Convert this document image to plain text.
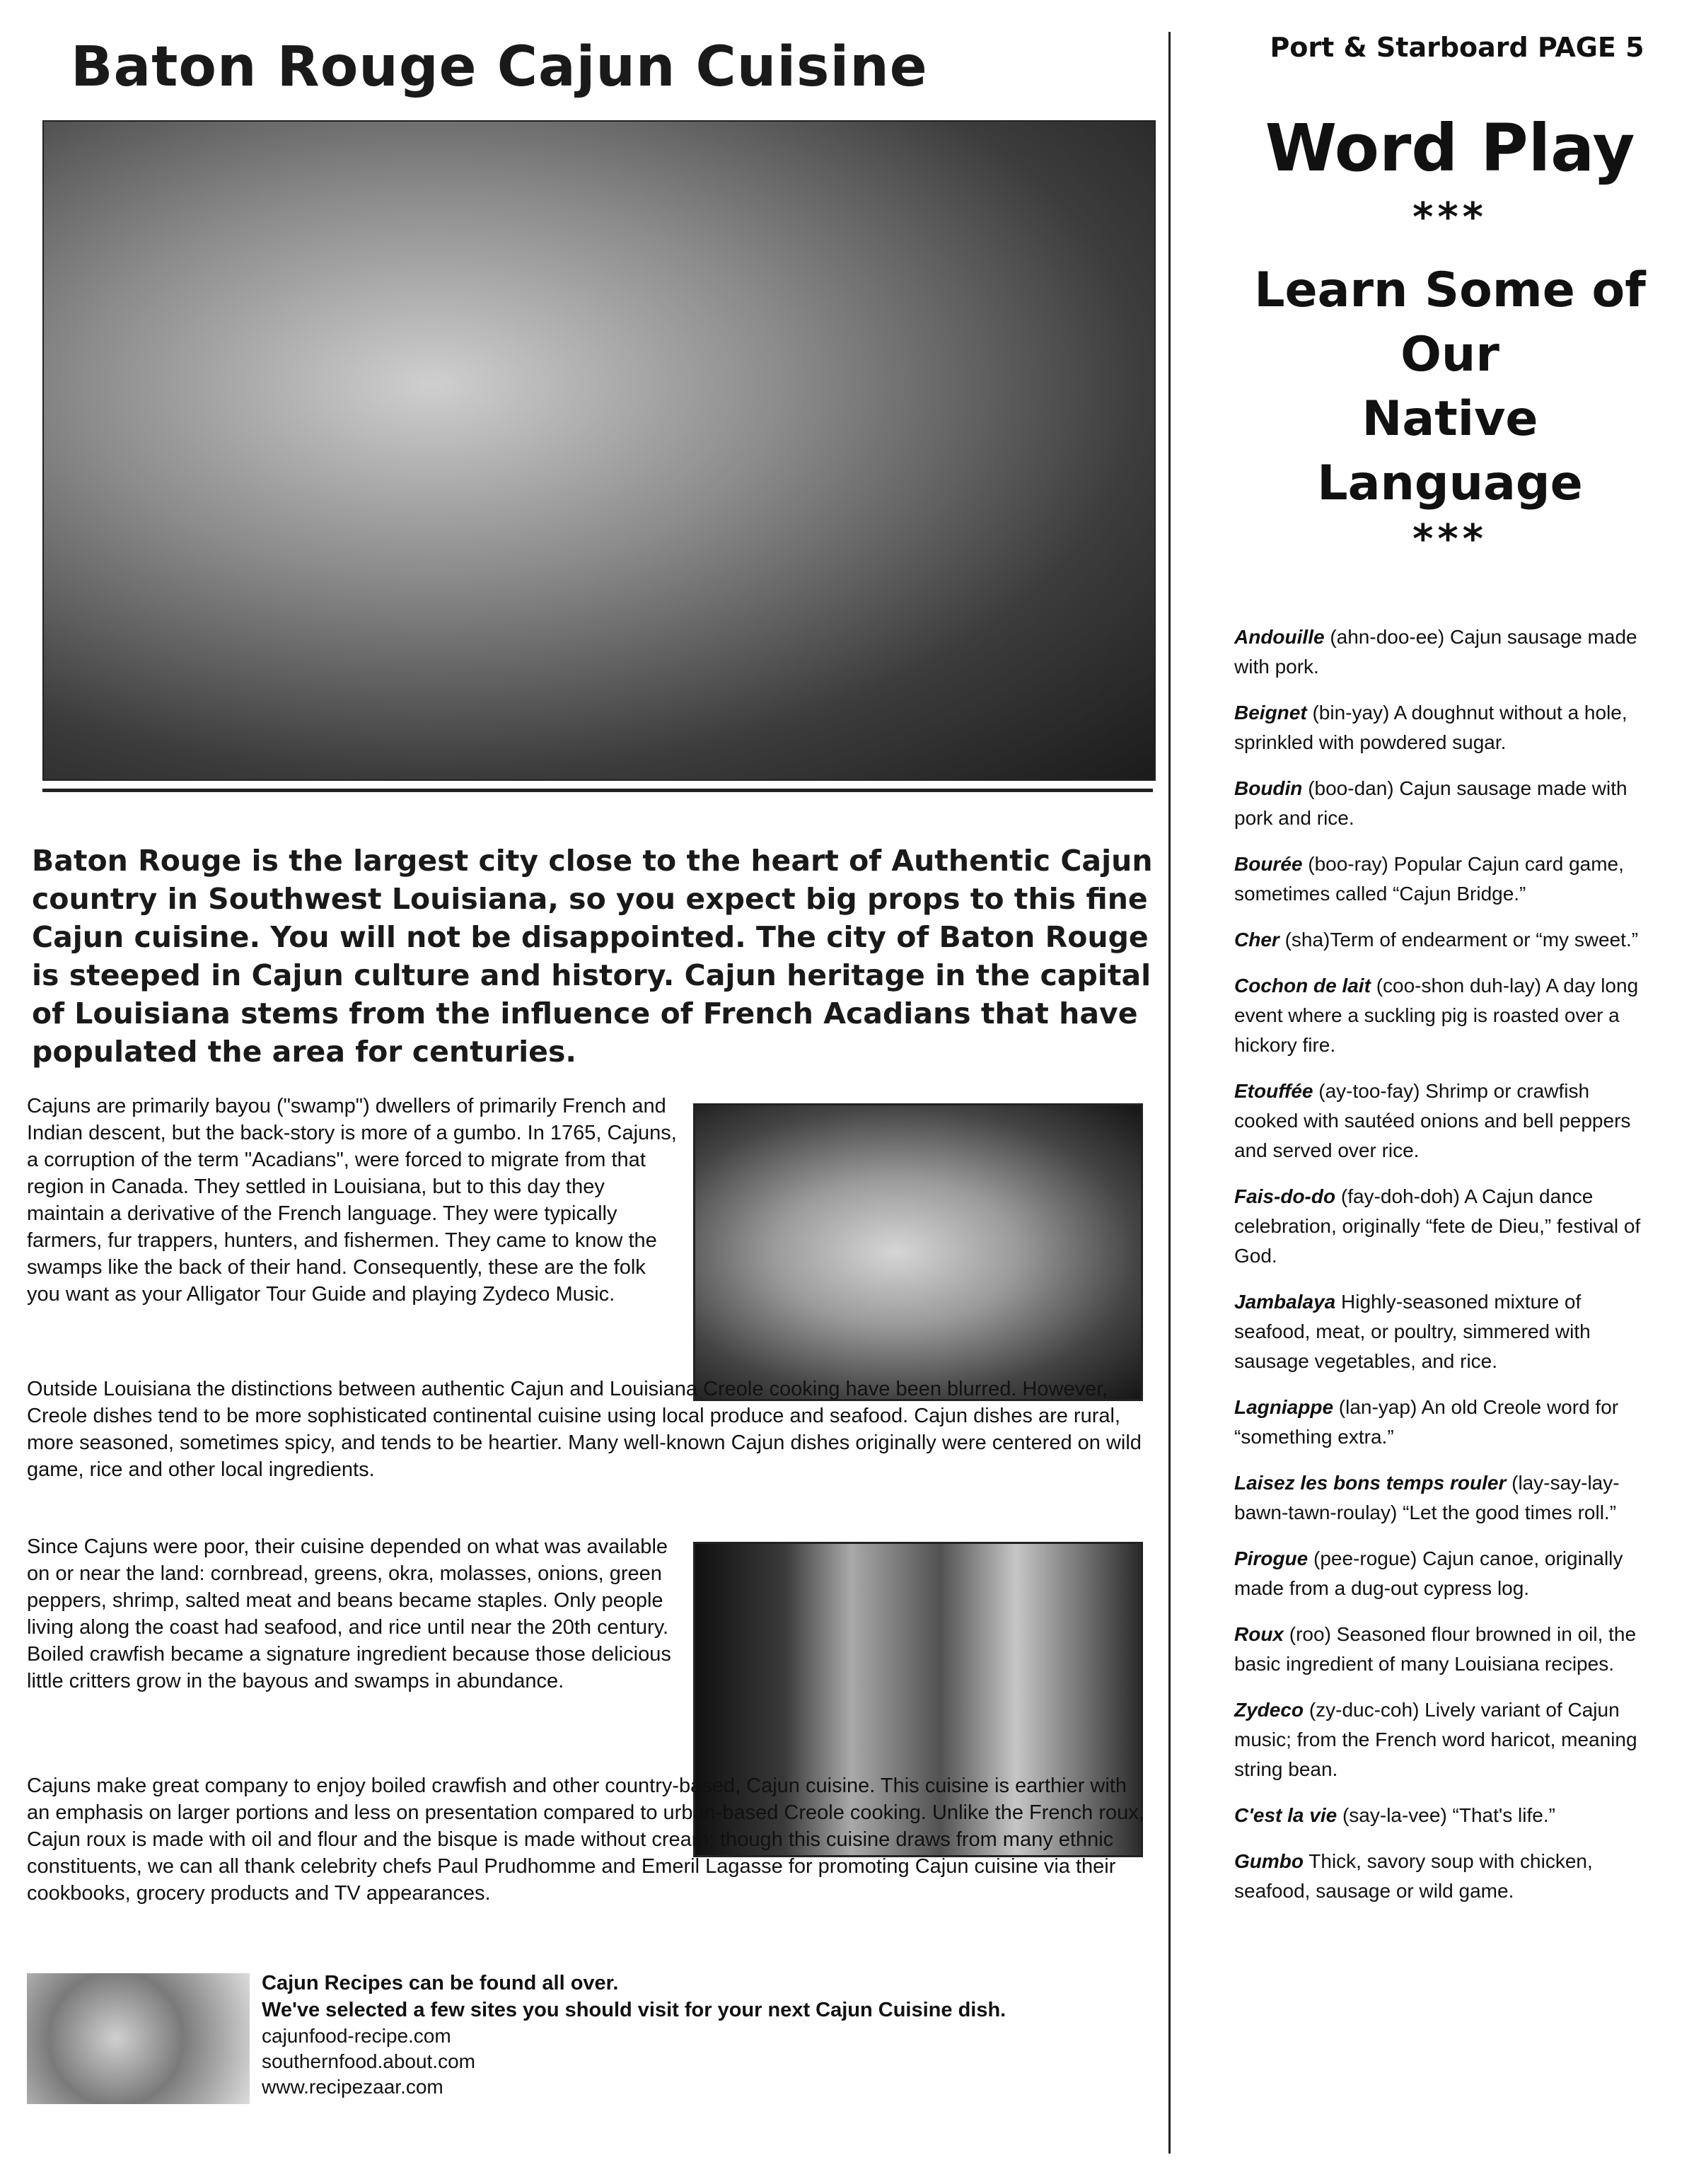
Baton Rouge Cajun Cuisine
Baton Rouge is the largest city close to the heart of Authentic Cajun country in Southwest Louisiana, so you expect big props to this fine Cajun cuisine. You will not be disappointed. The city of Baton Rouge is steeped in Cajun culture and history. Cajun heritage in the capital of Louisiana stems from the influence of French Acadians that have populated the area for centuries.
Cajuns are primarily bayou ("swamp") dwellers of primarily French and Indian descent, but the back-story is more of a gumbo. In 1765, Cajuns, a corruption of the term "Acadians", were forced to migrate from that region in Canada. They settled in Louisiana, but to this day they maintain a derivative of the French language. They were typically farmers, fur trappers, hunters, and fishermen. They came to know the swamps like the back of their hand. Consequently, these are the folk you want as your Alligator Tour Guide and playing Zydeco Music.
Outside Louisiana the distinctions between authentic Cajun and Louisiana Creole cooking have been blurred. However, Creole dishes tend to be more sophisticated continental cuisine using local produce and seafood. Cajun dishes are rural, more seasoned, sometimes spicy, and tends to be heartier. Many well-known Cajun dishes originally were centered on wild game, rice and other local ingredients.
Since Cajuns were poor, their cuisine depended on what was available on or near the land: cornbread, greens, okra, molasses, onions, green peppers, shrimp, salted meat and beans became staples. Only people living along the coast had seafood, and rice until near the 20th century. Boiled crawfish became a signature ingredient because those delicious little critters grow in the bayous and swamps in abundance.
Cajuns make great company to enjoy boiled crawfish and other country-based, Cajun cuisine. This cuisine is earthier with an emphasis on larger portions and less on presentation compared to urban-based Creole cooking. Unlike the French roux, Cajun roux is made with oil and flour and the bisque is made without cream; though this cuisine draws from many ethnic constituents, we can all thank celebrity chefs Paul Prudhomme and Emeril Lagasse for promoting Cajun cuisine via their cookbooks, grocery products and TV appearances.
Cajun Recipes can be found all over.
We've selected a few sites you should visit for your next Cajun Cuisine dish.
cajunfood-recipe.com
southernfood.about.com
www.recipezaar.com
Port & Starboard PAGE 5
Word Play
***
Learn Some of
Our
Native
Language
***
Andouille (ahn-doo-ee) Cajun sausage made with pork.
Beignet (bin-yay) A doughnut without a hole, sprinkled with powdered sugar.
Boudin (boo-dan) Cajun sausage made with pork and rice.
Bourée (boo-ray) Popular Cajun card game, sometimes called “Cajun Bridge.”
Cher (sha)Term of endearment or “my sweet.”
Cochon de lait (coo-shon duh-lay) A day long event where a suckling pig is roasted over a hickory fire.
Etouffée (ay-too-fay) Shrimp or crawfish cooked with sautéed onions and bell peppers and served over rice.
Fais-do-do (fay-doh-doh) A Cajun dance celebration, originally “fete de Dieu,” festival of God.
Jambalaya Highly-seasoned mixture of seafood, meat, or poultry, simmered with sausage vegetables, and rice.
Lagniappe (lan-yap) An old Creole word for “something extra.”
Laisez les bons temps rouler (lay-say-lay-bawn-tawn-roulay) “Let the good times roll.”
Pirogue (pee-rogue) Cajun canoe, originally made from a dug-out cypress log.
Roux (roo) Seasoned flour browned in oil, the basic ingredient of many Louisiana recipes.
Zydeco (zy-duc-coh) Lively variant of Cajun music; from the French word haricot, meaning string bean.
C'est la vie (say-la-vee) “That's life.”
Gumbo Thick, savory soup with chicken, seafood, sausage or wild game.
